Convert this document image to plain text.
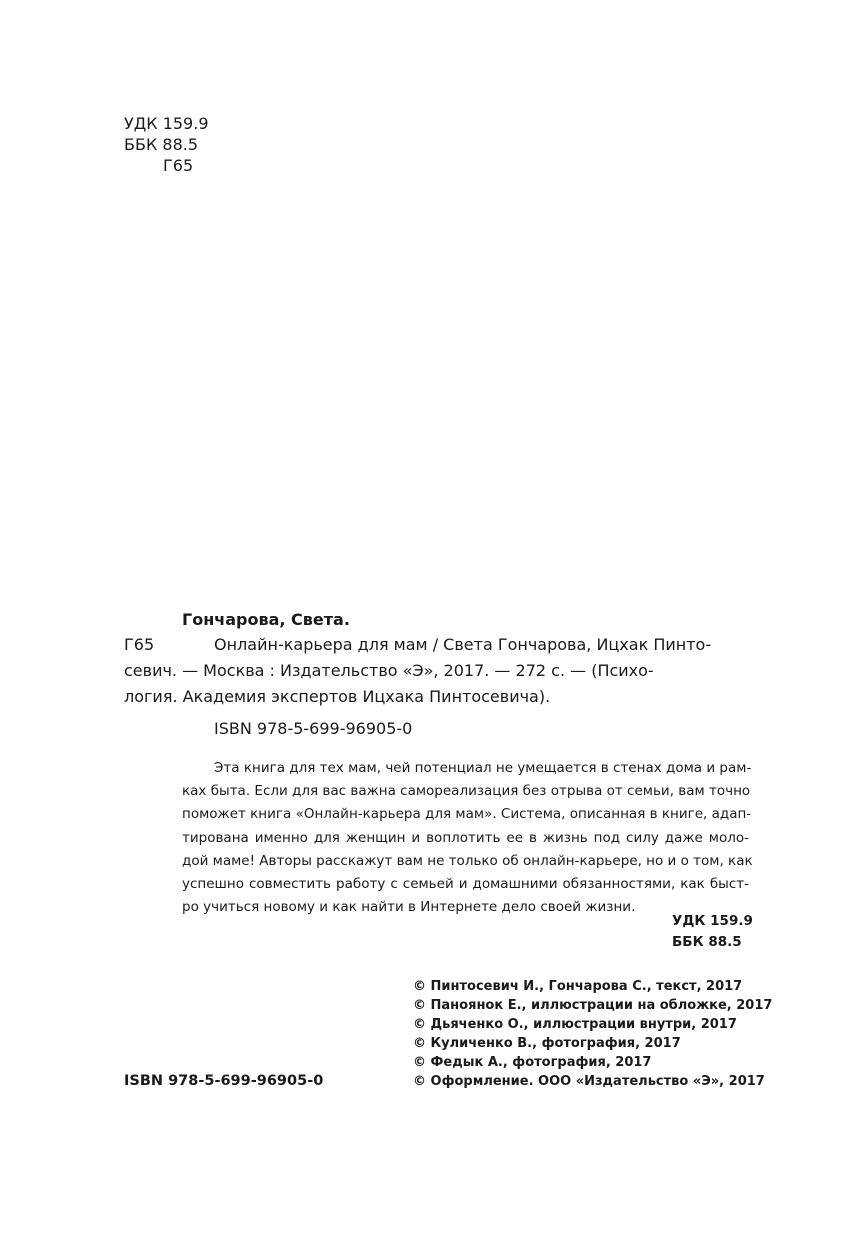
УДК 159.9
ББК 88.5
Г65
Гончарова, Света.
Г65	Онлайн-карьера для мам / Света Гончарова, Ицхак Пинто-
севич. — Москва : Издательство «Э», 2017. — 272 с. — (Психо-
логия. Академия экспертов Ицхака Пинтосевича).
ISBN 978-5-699-96905-0
Эта книга для тех мам, чей потенциал не умещается в стенах дома и рам-
ках быта. Если для вас важна самореализация без отрыва от семьи, вам точно
поможет книга «Онлайн-карьера для мам». Система, описанная в книге, адап-
тирована именно для женщин и воплотить ее в жизнь под силу даже моло-
дой маме! Авторы расскажут вам не только об онлайн-карьере, но и о том, как
успешно совместить работу с семьей и домашними обязанностями, как быст-
ро учиться новому и как найти в Интернете дело своей жизни.
УДК 159.9
ББК 88.5
© Пинтосевич И., Гончарова С., текст, 2017
© Паноянок Е., иллюстрации на обложке, 2017
© Дьяченко О., иллюстрации внутри, 2017
© Куличенко В., фотография, 2017
© Федык А., фотография, 2017
© Оформление. ООО «Издательство «Э», 2017
ISBN 978-5-699-96905-0
